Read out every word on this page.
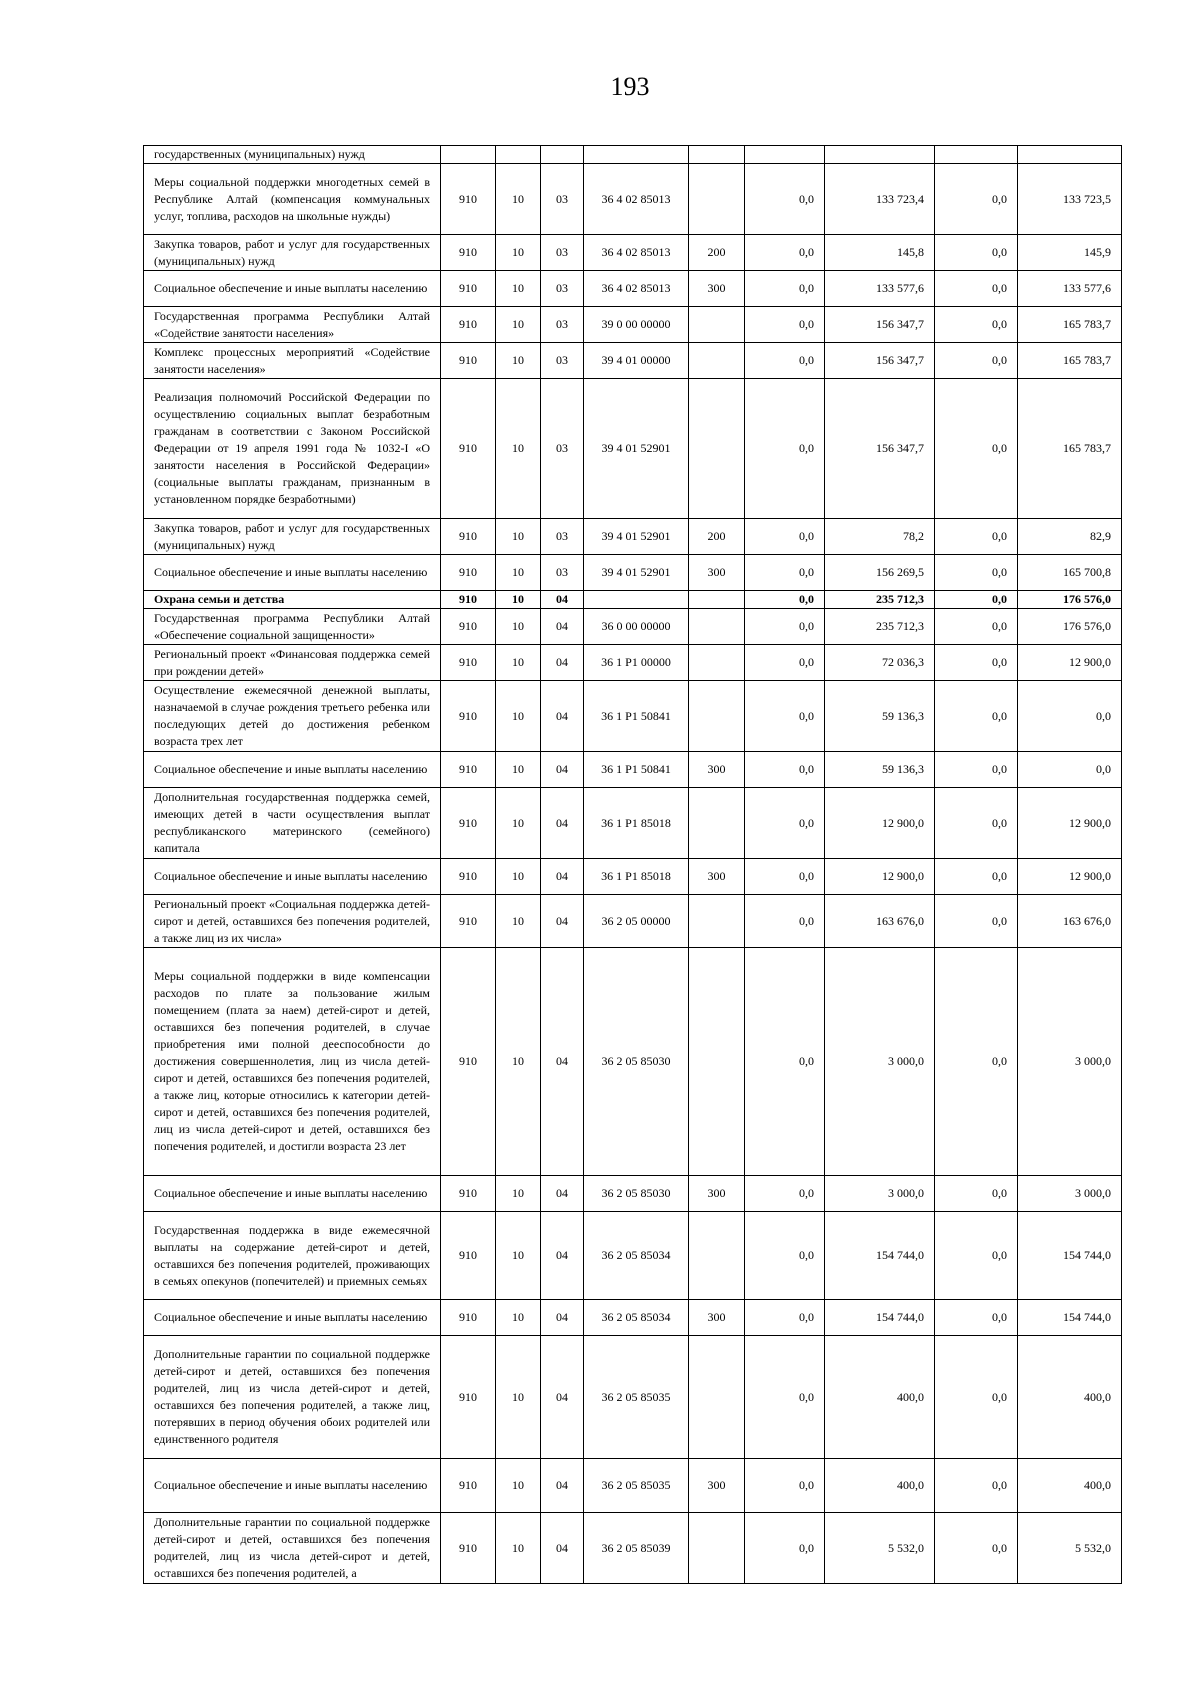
193
государственных (муниципальных) нужд									
Меры социальной поддержки многодетных семей в Республике Алтай (компенсация коммунальных услуг, топлива, расходов на школьные нужды)	910	10	03	36 4 02 85013		0,0	133 723,4	0,0	133 723,5
Закупка товаров, работ и услуг для государственных (муниципальных) нужд	910	10	03	36 4 02 85013	200	0,0	145,8	0,0	145,9
Социальное обеспечение и иные выплаты населению	910	10	03	36 4 02 85013	300	0,0	133 577,6	0,0	133 577,6
Государственная программа Республики Алтай «Содействие занятости населения»	910	10	03	39 0 00 00000		0,0	156 347,7	0,0	165 783,7
Комплекс процессных мероприятий «Содействие занятости населения»	910	10	03	39 4 01 00000		0,0	156 347,7	0,0	165 783,7
Реализация полномочий Российской Федерации по осуществлению социальных выплат безработным гражданам в соответствии с Законом Российской Федерации от 19 апреля 1991 года № 1032-I «О занятости населения в Российской Федерации» (социальные выплаты гражданам, признанным в установленном порядке безработными)	910	10	03	39 4 01 52901		0,0	156 347,7	0,0	165 783,7
Закупка товаров, работ и услуг для государственных (муниципальных) нужд	910	10	03	39 4 01 52901	200	0,0	78,2	0,0	82,9
Социальное обеспечение и иные выплаты населению	910	10	03	39 4 01 52901	300	0,0	156 269,5	0,0	165 700,8
Охрана семьи и детства	910	10	04			0,0	235 712,3	0,0	176 576,0
Государственная программа Республики Алтай «Обеспечение социальной защищенности»	910	10	04	36 0 00 00000		0,0	235 712,3	0,0	176 576,0
Региональный проект «Финансовая поддержка семей при рождении детей»	910	10	04	36 1 P1 00000		0,0	72 036,3	0,0	12 900,0
Осуществление ежемесячной денежной выплаты, назначаемой в случае рождения третьего ребенка или последующих детей до достижения ребенком возраста трех лет	910	10	04	36 1 P1 50841		0,0	59 136,3	0,0	0,0
Социальное обеспечение и иные выплаты населению	910	10	04	36 1 P1 50841	300	0,0	59 136,3	0,0	0,0
Дополнительная государственная поддержка семей, имеющих детей в части осуществления выплат республиканского материнского (семейного) капитала	910	10	04	36 1 P1 85018		0,0	12 900,0	0,0	12 900,0
Социальное обеспечение и иные выплаты населению	910	10	04	36 1 P1 85018	300	0,0	12 900,0	0,0	12 900,0
Региональный проект «Социальная поддержка детей-сирот и детей, оставшихся без попечения родителей, а также лиц из их числа»	910	10	04	36 2 05 00000		0,0	163 676,0	0,0	163 676,0
Меры социальной поддержки в виде компенсации расходов по плате за пользование жилым помещением (плата за наем) детей-сирот и детей, оставшихся без попечения родителей, в случае приобретения ими полной дееспособности до достижения совершеннолетия, лиц из числа детей-сирот и детей, оставшихся без попечения родителей, а также лиц, которые относились к категории детей-сирот и детей, оставшихся без попечения родителей, лиц из числа детей-сирот и детей, оставшихся без попечения родителей, и достигли возраста 23 лет	910	10	04	36 2 05 85030		0,0	3 000,0	0,0	3 000,0
Социальное обеспечение и иные выплаты населению	910	10	04	36 2 05 85030	300	0,0	3 000,0	0,0	3 000,0
Государственная поддержка в виде ежемесячной выплаты на содержание детей-сирот и детей, оставшихся без попечения родителей, проживающих в семьях опекунов (попечителей) и приемных семьях	910	10	04	36 2 05 85034		0,0	154 744,0	0,0	154 744,0
Социальное обеспечение и иные выплаты населению	910	10	04	36 2 05 85034	300	0,0	154 744,0	0,0	154 744,0
Дополнительные гарантии по социальной поддержке детей-сирот и детей, оставшихся без попечения родителей, лиц из числа детей-сирот и детей, оставшихся без попечения родителей, а также лиц, потерявших в период обучения обоих родителей или единственного родителя	910	10	04	36 2 05 85035		0,0	400,0	0,0	400,0
Социальное обеспечение и иные выплаты населению	910	10	04	36 2 05 85035	300	0,0	400,0	0,0	400,0
Дополнительные гарантии по социальной поддержке детей-сирот и детей, оставшихся без попечения родителей, лиц из числа детей-сирот и детей, оставшихся без попечения родителей, а	910	10	04	36 2 05 85039		0,0	5 532,0	0,0	5 532,0
